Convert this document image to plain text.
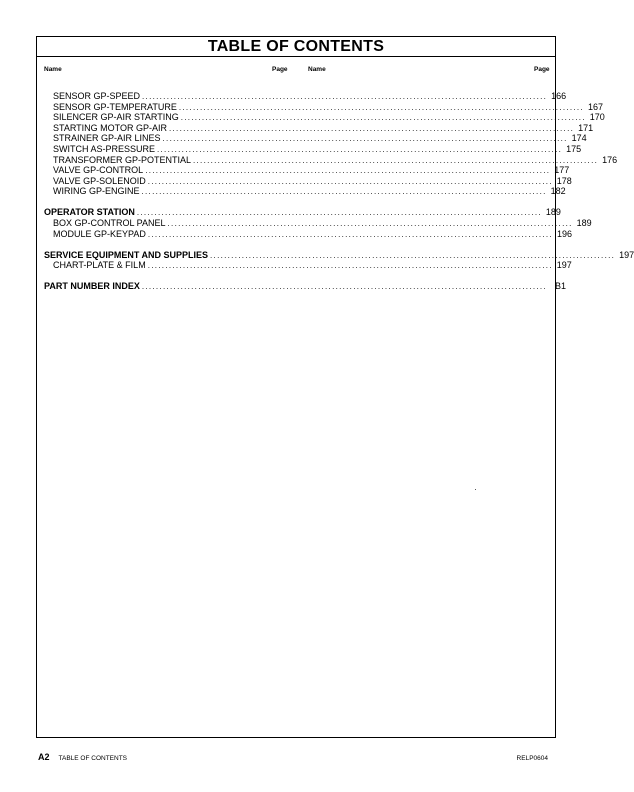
TABLE OF CONTENTS
Name	Page	Name	Page
SENSOR GP-SPEED .....	166
SENSOR GP-TEMPERATURE .....	167
SILENCER GP-AIR STARTING .....	170
STARTING MOTOR GP-AIR .....	171
STRAINER GP-AIR LINES .....	174
SWITCH AS-PRESSURE .....	175
TRANSFORMER GP-POTENTIAL .....	176
VALVE GP-CONTROL .....	177
VALVE GP-SOLENOID .....	178
WIRING GP-ENGINE .....	182
OPERATOR STATION .....	189
BOX GP-CONTROL PANEL .....	189
MODULE GP-KEYPAD .....	196
SERVICE EQUIPMENT AND SUPPLIES .....	197
CHART-PLATE & FILM .....	197
PART NUMBER INDEX .....	B1
A2 TABLE OF CONTENTS	RELP0604
